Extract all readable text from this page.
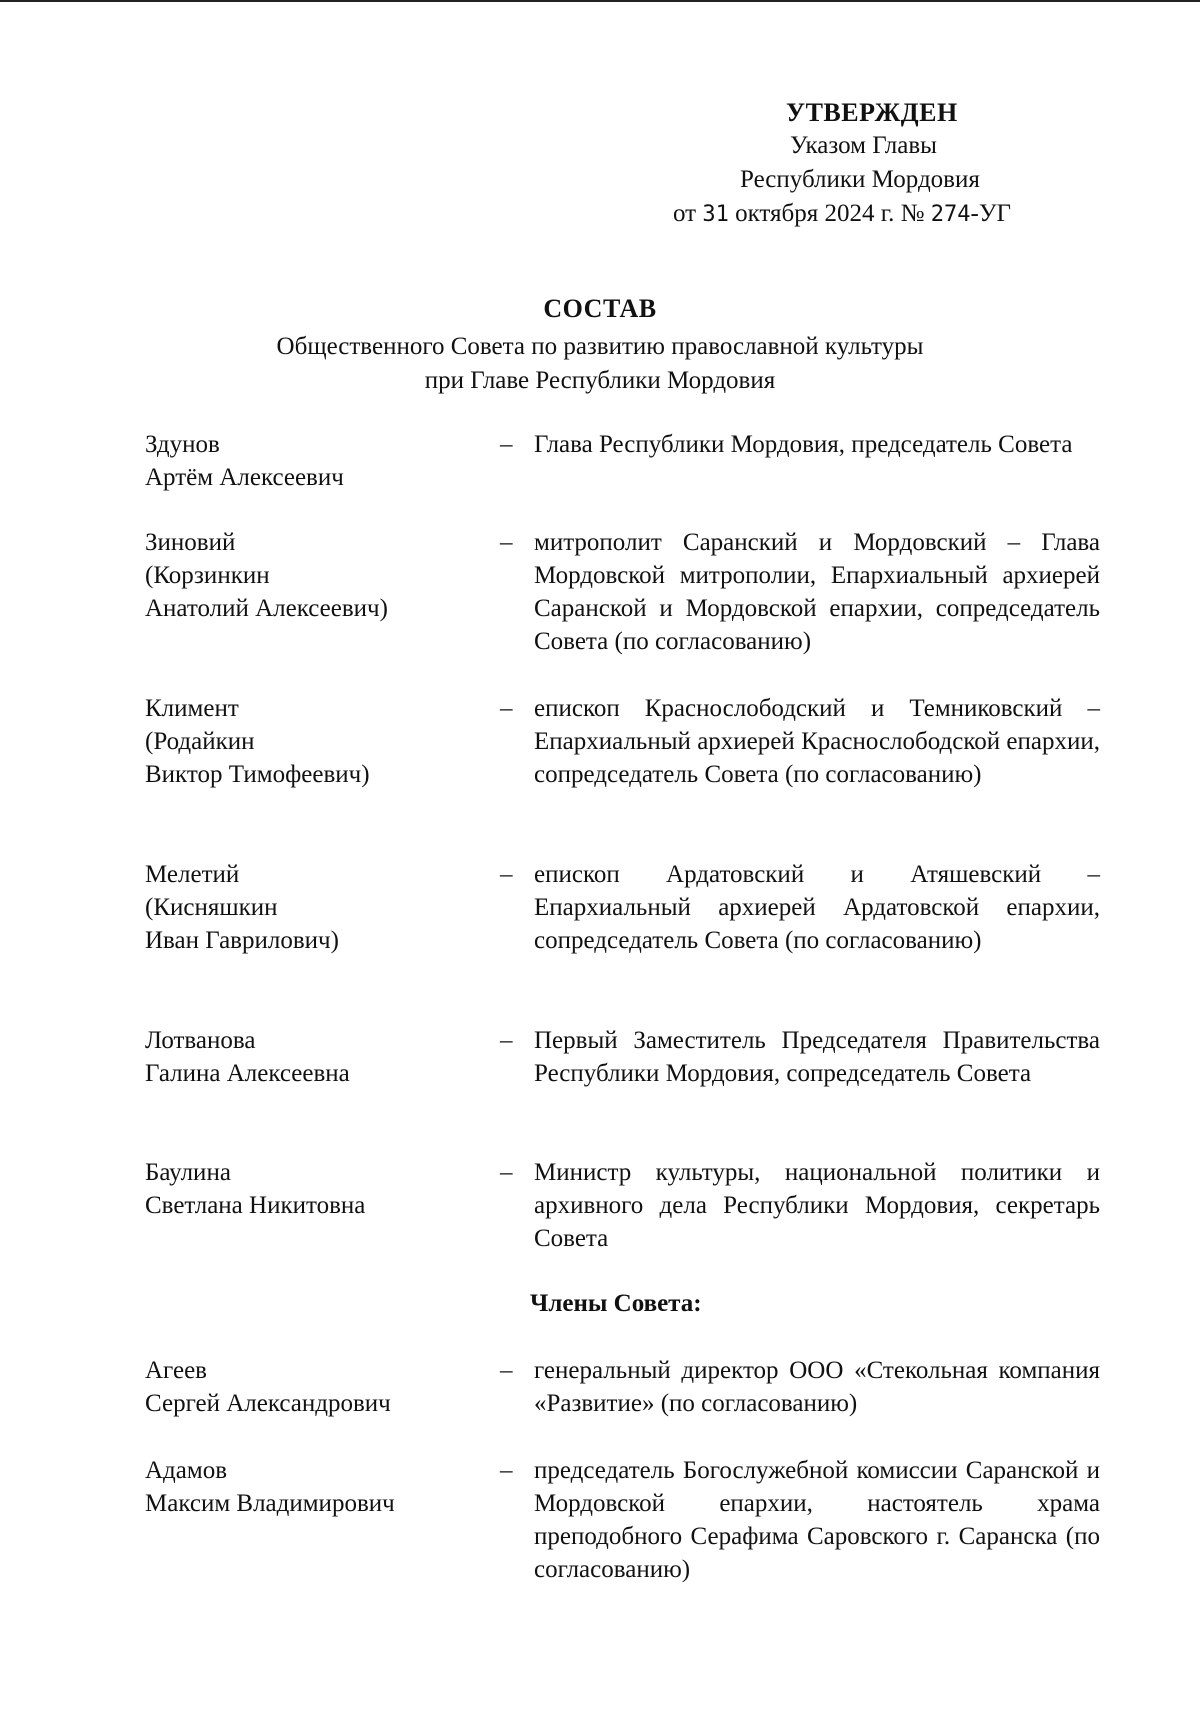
УТВЕРЖДЕН
Указом Главы
Республики Мордовия
от 31 октября 2024 г. № 274-УГ
СОСТАВ
Общественного Совета по развитию православной культуры
при Главе Республики Мордовия
Здунов
Артём Алексеевич
– Глава Республики Мордовия, председатель Совета
Зиновий
(Корзинкин
Анатолий Алексеевич)
– митрополит Саранский и Мордовский – Глава Мордовской митрополии, Епархиальный архиерей Саранской и Мордовской епархии, сопредседатель Совета (по согласованию)
Климент
(Родайкин
Виктор Тимофеевич)
– епископ Краснослободский и Темниковский – Епархиальный архиерей Краснослободской епархии, сопредседатель Совета (по согласованию)
Мелетий
(Кисняшкин
Иван Гаврилович)
– епископ Ардатовский и Атяшевский – Епархиальный архиерей Ардатовской епархии, сопредседатель Совета (по согласованию)
Лотванова
Галина Алексеевна
– Первый Заместитель Председателя Правительства Республики Мордовия, сопредседатель Совета
Баулина
Светлана Никитовна
– Министр культуры, национальной политики и архивного дела Республики Мордовия, секретарь Совета
Члены Совета:
Агеев
Сергей Александрович
– генеральный директор ООО «Стекольная компания «Развитие» (по согласованию)
Адамов
Максим Владимирович
– председатель Богослужебной комиссии Саранской и Мордовской епархии, настоятель храма преподобного Серафима Саровского г. Саранска (по согласованию)
